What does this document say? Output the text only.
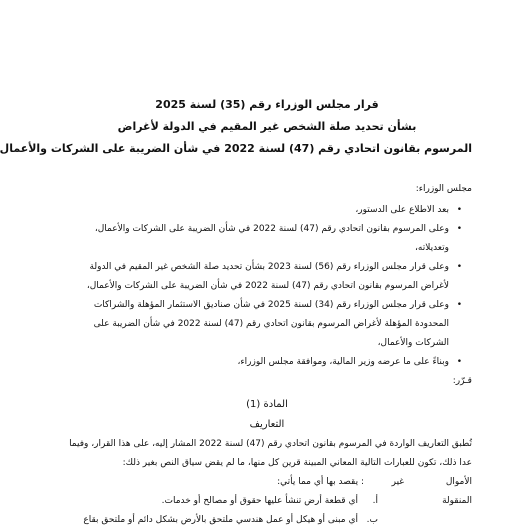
قرار مجلس الوزراء رقم (35) لسنة 2025
بشأن تحديد صلة الشخص غير المقيم في الدولة لأغراض
المرسوم بقانون اتحادي رقم (47) لسنة 2022 في شأن الضريبة على الشركات والأعمال

مجلس الوزراء:

• بعد الاطلاع على الدستور،
• وعلى المرسوم بقانون اتحادي رقم (47) لسنة 2022 في شأن الضريبة على الشركات والأعمال، وتعديلاته،
• وعلى قرار مجلس الوزراء رقم (56) لسنة 2023 بشأن تحديد صلة الشخص غير المقيم في الدولة لأغراض المرسوم بقانون اتحادي رقم (47) لسنة 2022 في شأن الضريبة على الشركات والأعمال،
• وعلى قرار مجلس الوزراء رقم (34) لسنة 2025 في شأن صناديق الاستثمار المؤهلة والشراكات المحدودة المؤهلة لأغراض المرسوم بقانون اتحادي رقم (47) لسنة 2022 في شأن الضريبة على الشركات والأعمال،
• وبناءً على ما عرضه وزير المالية، وموافقة مجلس الوزراء،
قـرّر:
المادة (1)
التعاريف

تُطبق التعاريف الواردة في المرسوم بقانون اتحادي رقم (47) لسنة 2022 المشار إليه، على هذا القرار، وفيما عدا ذلك، تكون للعبارات التالية المعاني المبينة قرين كل منها، ما لم يقض سياق النص بغير ذلك:

الأموال
غير
: يقصد بها أي مما يأتي:
المنقولة
أ.
أي قطعة أرض تنشأ عليها حقوق أو مصالح أو خدمات.
ب.
أي مبنى أو هيكل أو عمل هندسي ملتحق بالأرض بشكل دائم أو ملتحق بقاع
